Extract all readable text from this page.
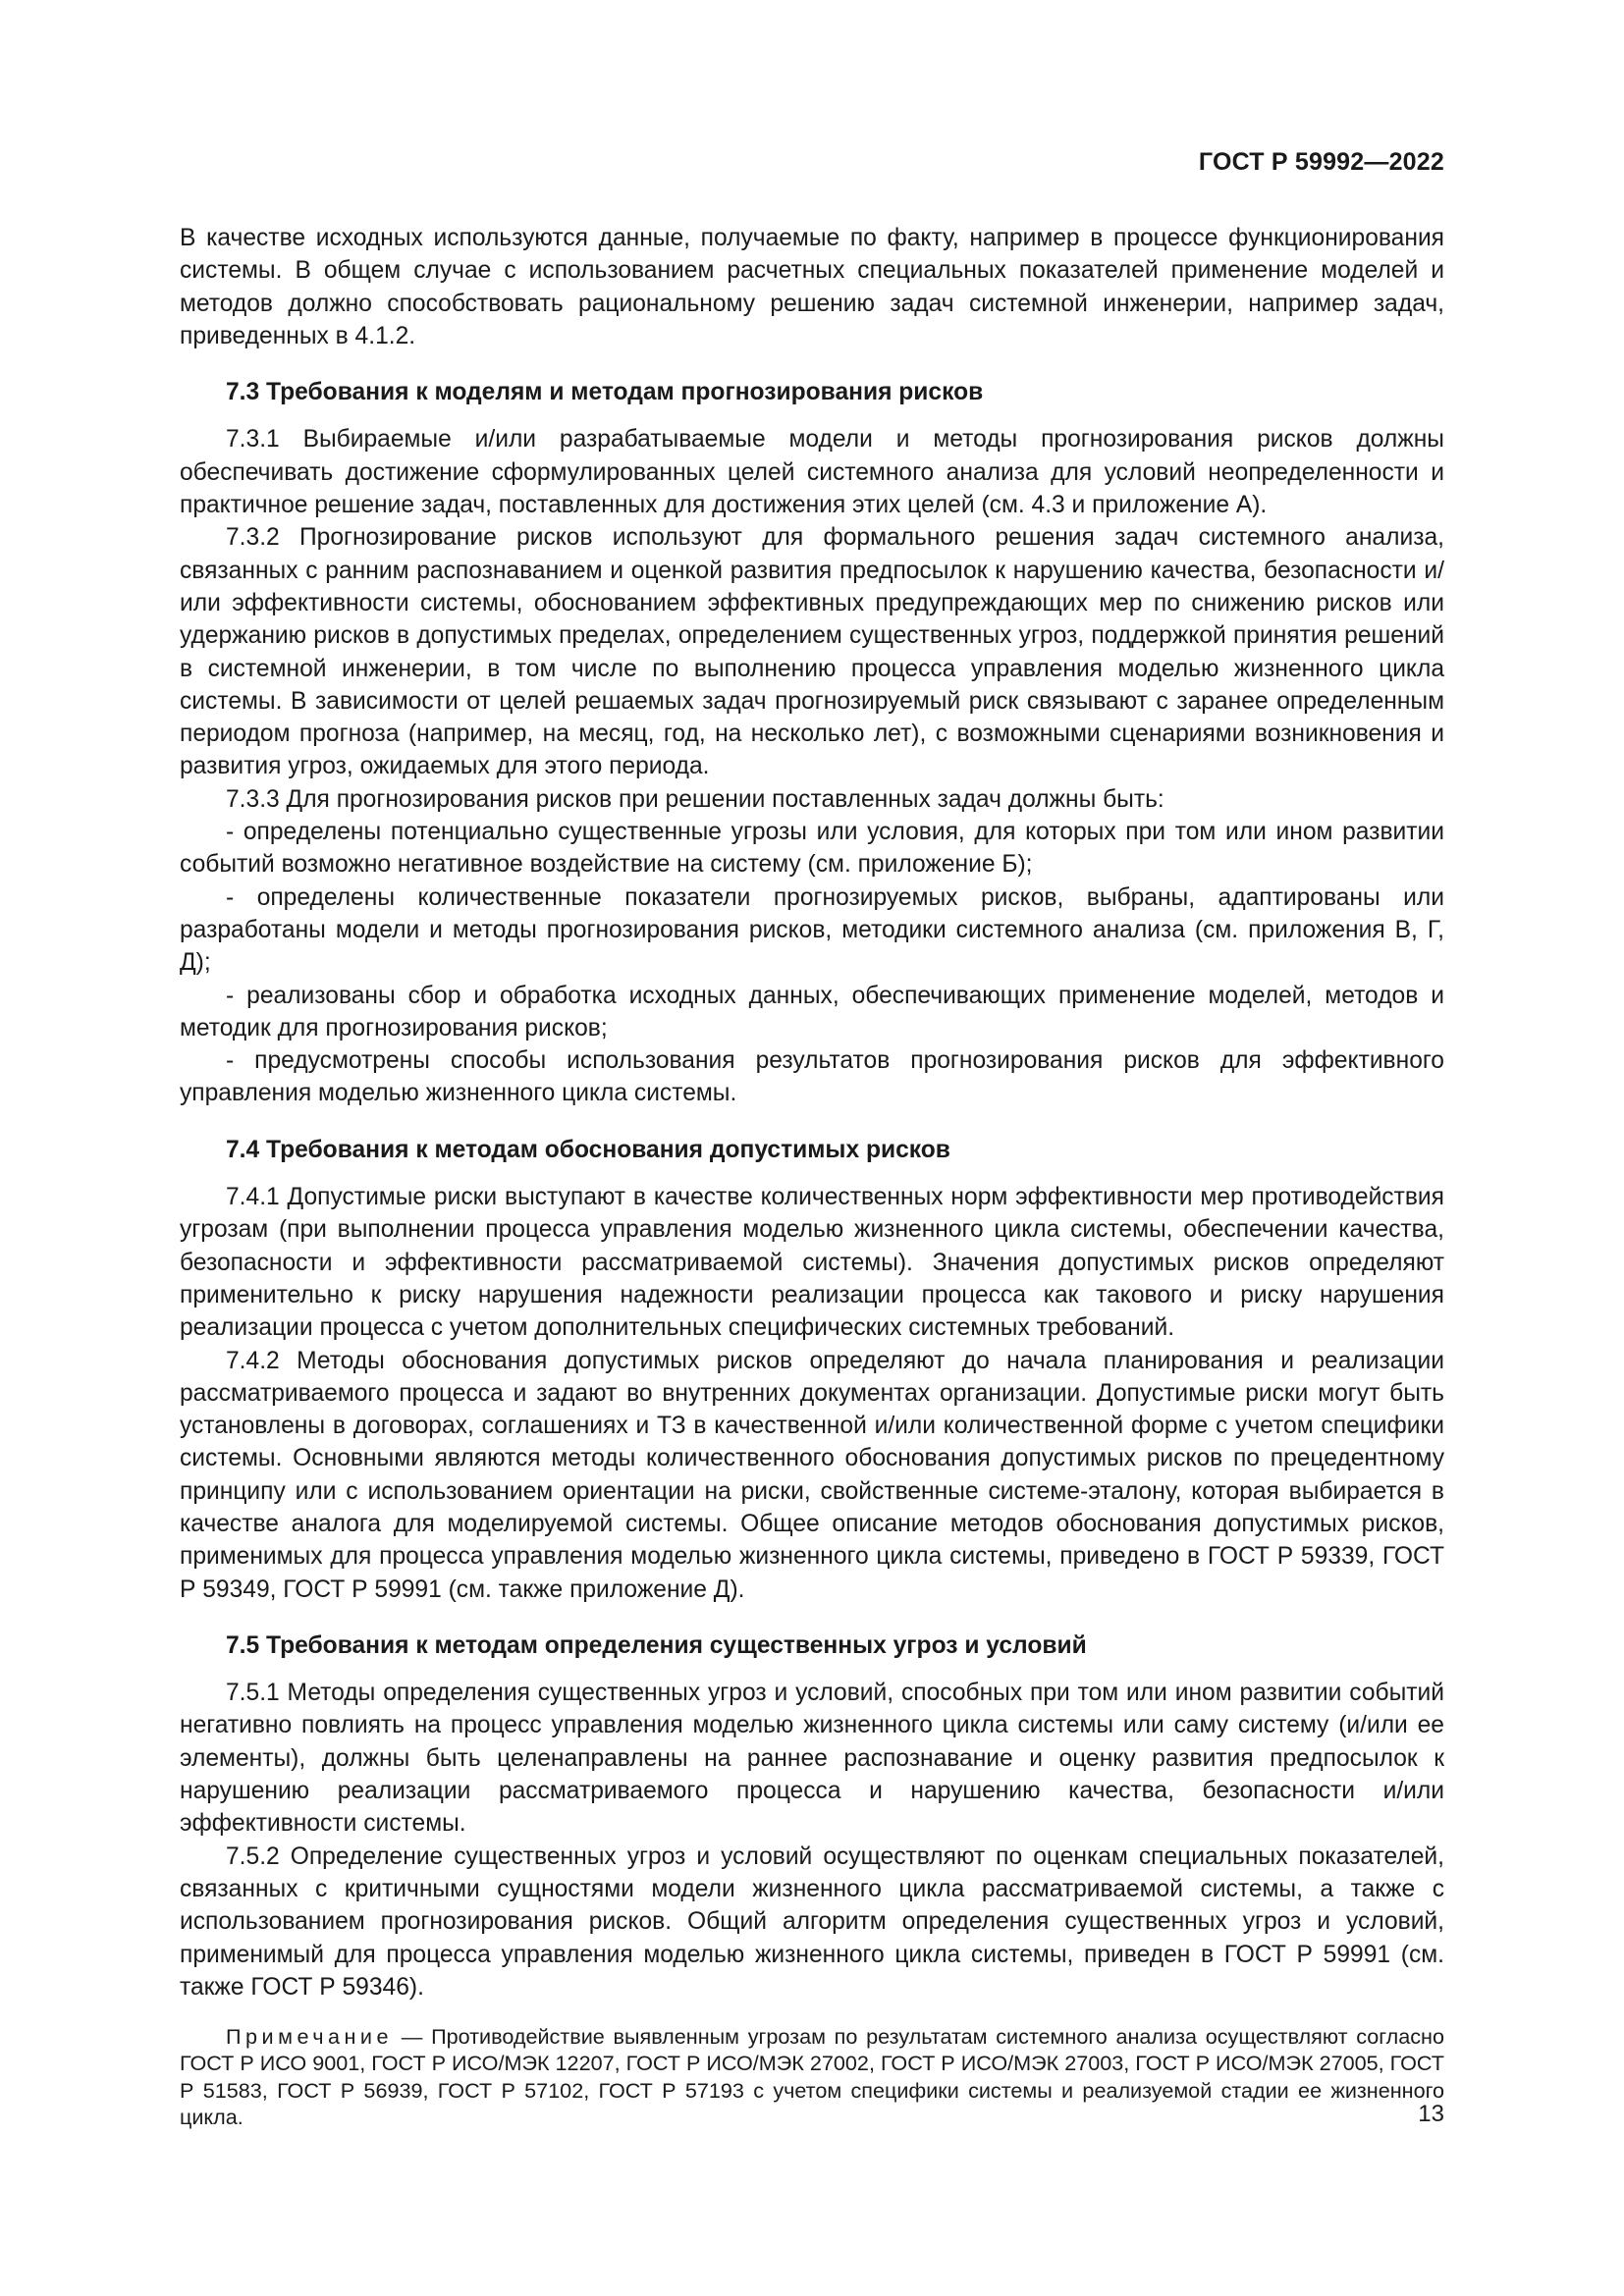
ГОСТ Р 59992—2022

В качестве исходных используются данные, получаемые по факту, например в процессе функционирования системы. В общем случае с использованием расчетных специальных показателей применение моделей и методов должно способствовать рациональному решению задач системной инженерии, например задач, приведенных в 4.1.2.

7.3 Требования к моделям и методам прогнозирования рисков

7.3.1 Выбираемые и/или разрабатываемые модели и методы прогнозирования рисков должны обеспечивать достижение сформулированных целей системного анализа для условий неопределенности и практичное решение задач, поставленных для достижения этих целей (см. 4.3 и приложение А).

7.3.2 Прогнозирование рисков используют для формального решения задач системного анализа, связанных с ранним распознаванием и оценкой развития предпосылок к нарушению качества, безопасности и/или эффективности системы, обоснованием эффективных предупреждающих мер по снижению рисков или удержанию рисков в допустимых пределах, определением существенных угроз, поддержкой принятия решений в системной инженерии, в том числе по выполнению процесса управления моделью жизненного цикла системы. В зависимости от целей решаемых задач прогнозируемый риск связывают с заранее определенным периодом прогноза (например, на месяц, год, на несколько лет), с возможными сценариями возникновения и развития угроз, ожидаемых для этого периода.

7.3.3 Для прогнозирования рисков при решении поставленных задач должны быть:

- определены потенциально существенные угрозы или условия, для которых при том или ином развитии событий возможно негативное воздействие на систему (см. приложение Б);

- определены количественные показатели прогнозируемых рисков, выбраны, адаптированы или разработаны модели и методы прогнозирования рисков, методики системного анализа (см. приложения В, Г, Д);

- реализованы сбор и обработка исходных данных, обеспечивающих применение моделей, методов и методик для прогнозирования рисков;

- предусмотрены способы использования результатов прогнозирования рисков для эффективного управления моделью жизненного цикла системы.

7.4 Требования к методам обоснования допустимых рисков

7.4.1 Допустимые риски выступают в качестве количественных норм эффективности мер противодействия угрозам (при выполнении процесса управления моделью жизненного цикла системы, обеспечении качества, безопасности и эффективности рассматриваемой системы). Значения допустимых рисков определяют применительно к риску нарушения надежности реализации процесса как такового и риску нарушения реализации процесса с учетом дополнительных специфических системных требований.

7.4.2 Методы обоснования допустимых рисков определяют до начала планирования и реализации рассматриваемого процесса и задают во внутренних документах организации. Допустимые риски могут быть установлены в договорах, соглашениях и ТЗ в качественной и/или количественной форме с учетом специфики системы. Основными являются методы количественного обоснования допустимых рисков по прецедентному принципу или с использованием ориентации на риски, свойственные системе-эталону, которая выбирается в качестве аналога для моделируемой системы. Общее описание методов обоснования допустимых рисков, применимых для процесса управления моделью жизненного цикла системы, приведено в ГОСТ Р 59339, ГОСТ Р 59349, ГОСТ Р 59991 (см. также приложение Д).

7.5 Требования к методам определения существенных угроз и условий

7.5.1 Методы определения существенных угроз и условий, способных при том или ином развитии событий негативно повлиять на процесс управления моделью жизненного цикла системы или саму систему (и/или ее элементы), должны быть целенаправлены на раннее распознавание и оценку развития предпосылок к нарушению реализации рассматриваемого процесса и нарушению качества, безопасности и/или эффективности системы.

7.5.2 Определение существенных угроз и условий осуществляют по оценкам специальных показателей, связанных с критичными сущностями модели жизненного цикла рассматриваемой системы, а также с использованием прогнозирования рисков. Общий алгоритм определения существенных угроз и условий, применимый для процесса управления моделью жизненного цикла системы, приведен в ГОСТ Р 59991 (см. также ГОСТ Р 59346).

Примечание — Противодействие выявленным угрозам по результатам системного анализа осуществляют согласно ГОСТ Р ИСО 9001, ГОСТ Р ИСО/МЭК 12207, ГОСТ Р ИСО/МЭК 27002, ГОСТ Р ИСО/МЭК 27003, ГОСТ Р ИСО/МЭК 27005, ГОСТ Р 51583, ГОСТ Р 56939, ГОСТ Р 57102, ГОСТ Р 57193 с учетом специфики системы и реализуемой стадии ее жизненного цикла.	13
